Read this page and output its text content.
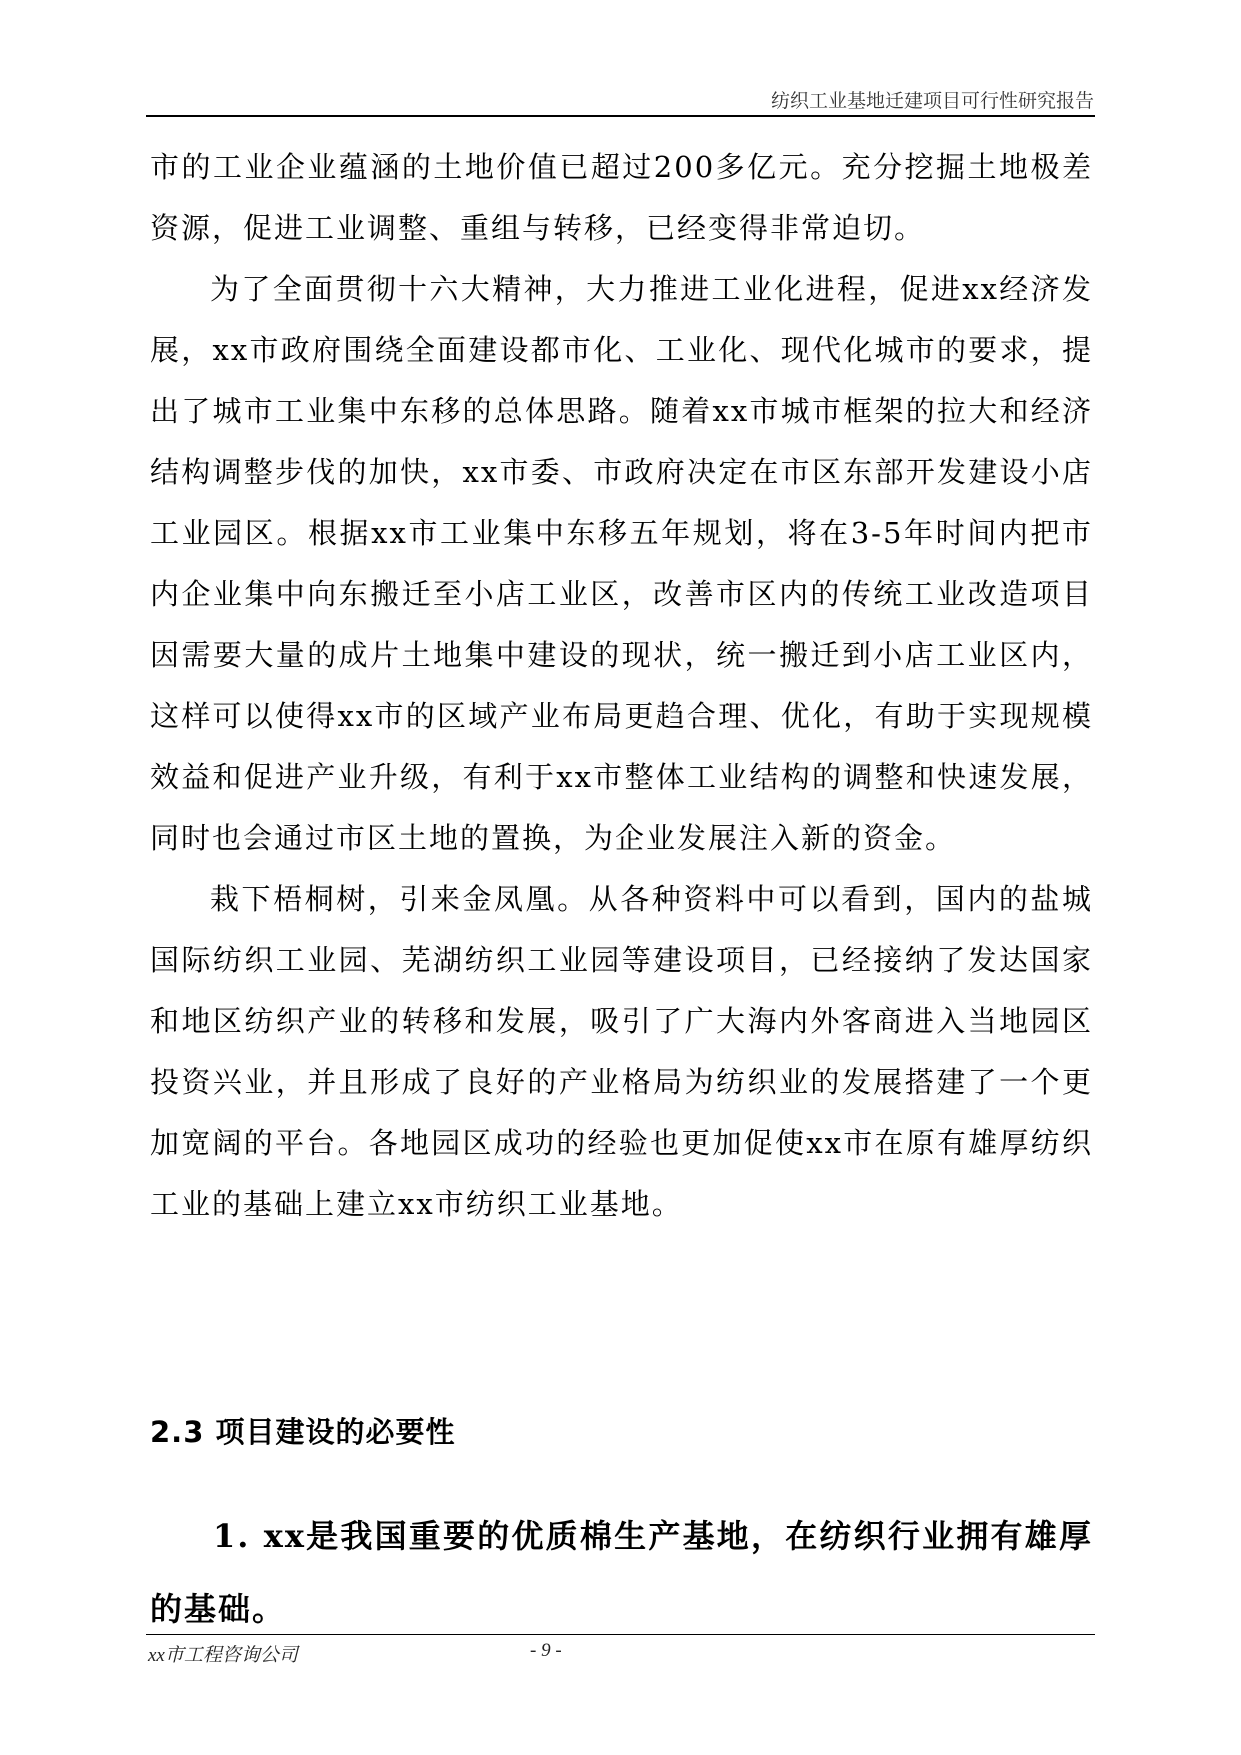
纺织工业基地迁建项目可行性研究报告

市的工业企业蕴涵的土地价值已超过200多亿元。充分挖掘土地极差资源，促进工业调整、重组与转移，已经变得非常迫切。

为了全面贯彻十六大精神，大力推进工业化进程，促进xx经济发展，xx市政府围绕全面建设都市化、工业化、现代化城市的要求，提出了城市工业集中东移的总体思路。随着xx市城市框架的拉大和经济结构调整步伐的加快，xx市委、市政府决定在市区东部开发建设小店工业园区。根据xx市工业集中东移五年规划，将在3-5年时间内把市内企业集中向东搬迁至小店工业区，改善市区内的传统工业改造项目因需要大量的成片土地集中建设的现状，统一搬迁到小店工业区内，这样可以使得xx市的区域产业布局更趋合理、优化，有助于实现规模效益和促进产业升级，有利于xx市整体工业结构的调整和快速发展，同时也会通过市区土地的置换，为企业发展注入新的资金。

栽下梧桐树，引来金凤凰。从各种资料中可以看到，国内的盐城国际纺织工业园、芜湖纺织工业园等建设项目，已经接纳了发达国家和地区纺织产业的转移和发展，吸引了广大海内外客商进入当地园区投资兴业，并且形成了良好的产业格局为纺织业的发展搭建了一个更加宽阔的平台。各地园区成功的经验也更加促使xx市在原有雄厚纺织工业的基础上建立xx市纺织工业基地。

2.3 项目建设的必要性

1. xx是我国重要的优质棉生产基地，在纺织行业拥有雄厚的基础。

xx市工程咨询公司	- 9 -
